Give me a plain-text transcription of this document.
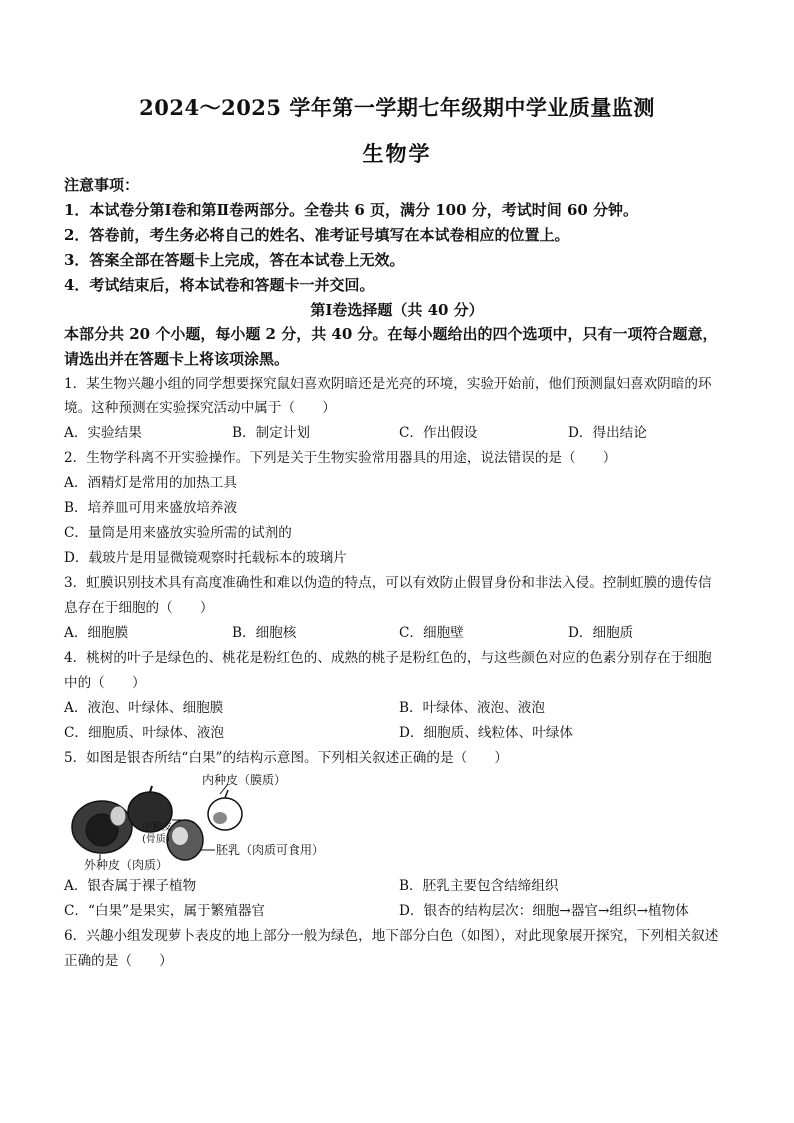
2024～2025 学年第一学期七年级期中学业质量监测
生物学
注意事项：
1．本试卷分第Ⅰ卷和第Ⅱ卷两部分。全卷共 6 页，满分 100 分，考试时间 60 分钟。
2．答卷前，考生务必将自己的姓名、准考证号填写在本试卷相应的位置上。
3．答案全部在答题卡上完成，答在本试卷上无效。
4．考试结束后，将本试卷和答题卡一并交回。
第Ⅰ卷选择题（共 40 分）
本部分共 20 个小题，每小题 2 分，共 40 分。在每小题给出的四个选项中，只有一项符合题意，
请选出并在答题卡上将该项涂黑。
1．某生物兴趣小组的同学想要探究鼠妇喜欢阴暗还是光亮的环境，实验开始前，他们预测鼠妇喜欢阴暗的环
境。这种预测在实验探究活动中属于（　　）
A．实验结果	B．制定计划	C．作出假设	D．得出结论
2．生物学科离不开实验操作。下列是关于生物实验常用器具的用途，说法错误的是（　　）
A．酒精灯是常用的加热工具
B．培养皿可用来盛放培养液
C．量筒是用来盛放实验所需的试剂的
D．载玻片是用显微镜观察时托载标本的玻璃片
3．虹膜识别技术具有高度准确性和难以伪造的特点，可以有效防止假冒身份和非法入侵。控制虹膜的遗传信
息存在于细胞的（　　）
A．细胞膜	B．细胞核	C．细胞壁	D．细胞质
4．桃树的叶子是绿色的、桃花是粉红色的、成熟的桃子是粉红色的，与这些颜色对应的色素分别存在于细胞
中的（　　）
A．液泡、叶绿体、细胞膜	B．叶绿体、液泡、液泡
C．细胞质、叶绿体、液泡	D．细胞质、线粒体、叶绿体
5．如图是银杏所结“白果”的结构示意图。下列相关叙述正确的是（　　）
内种皮（膜质）
中种皮
(骨质)
胚乳（肉质可食用）
外种皮（肉质）
A．银杏属于裸子植物	B．胚乳主要包含结缔组织
C．“白果”是果实，属于繁殖器官	D．银杏的结构层次：细胞→器官→组织→植物体
6．兴趣小组发现萝卜表皮的地上部分一般为绿色，地下部分白色（如图），对此现象展开探究，下列相关叙述
正确的是（　　）
